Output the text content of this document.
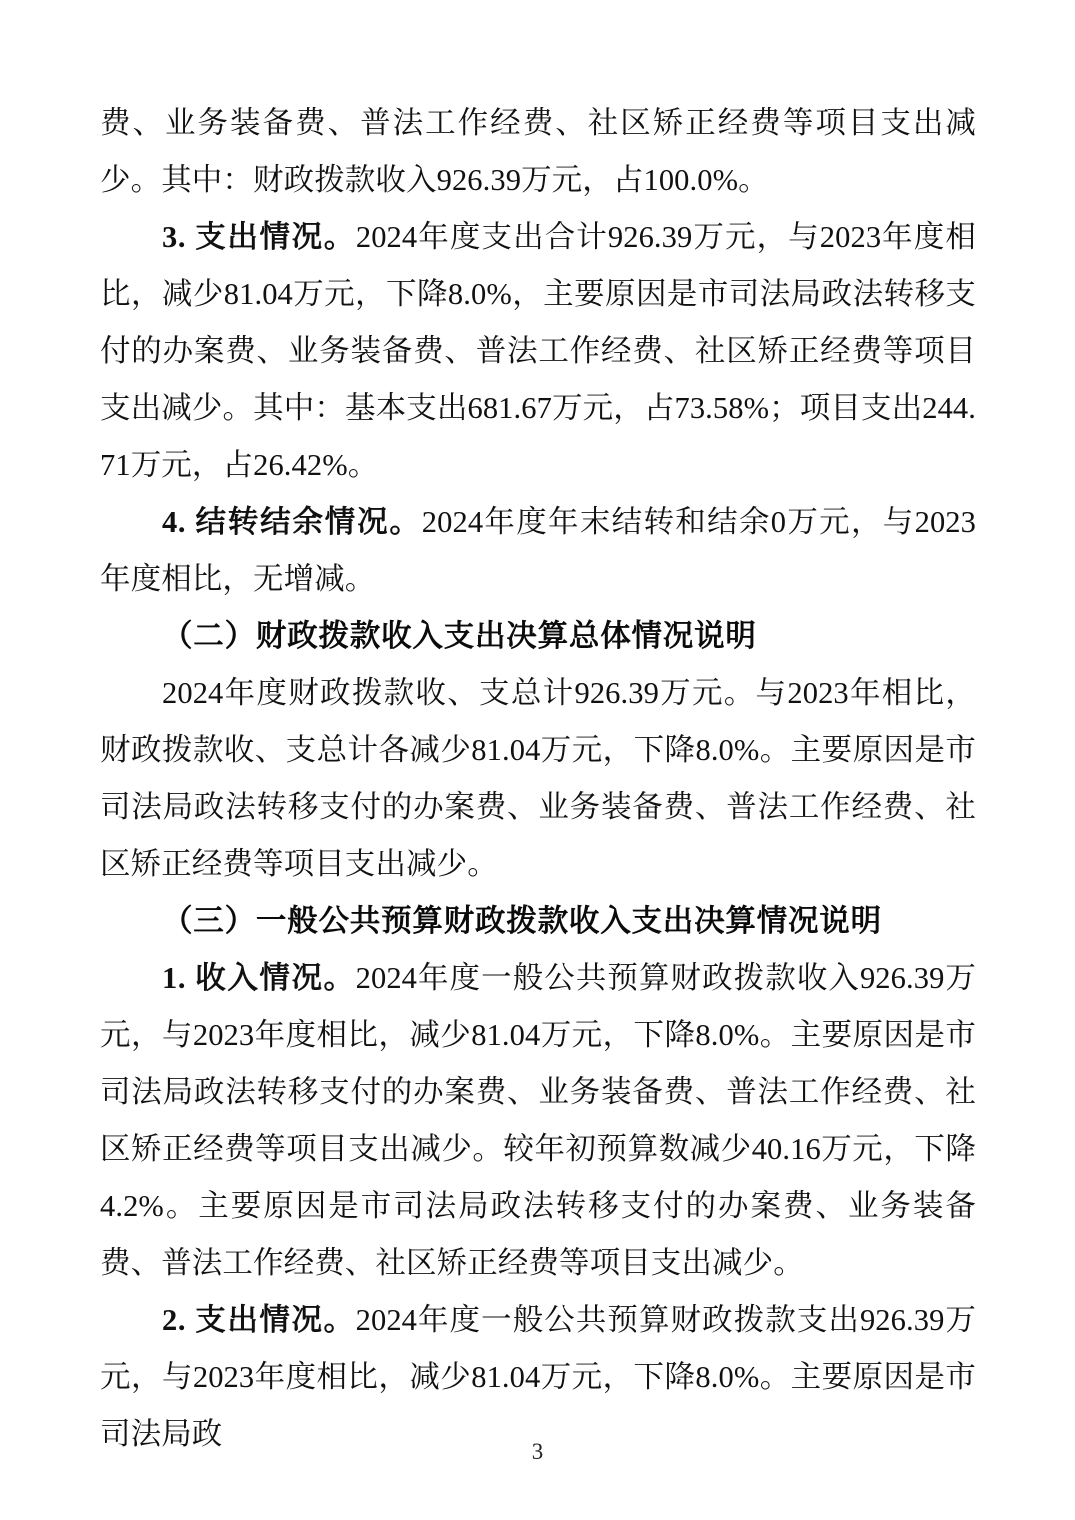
费、业务装备费、普法工作经费、社区矫正经费等项目支出减少。其中：财政拨款收入926.39万元，占100.0%。

3. 支出情况。2024年度支出合计926.39万元，与2023年度相比，减少81.04万元，下降8.0%，主要原因是市司法局政法转移支付的办案费、业务装备费、普法工作经费、社区矫正经费等项目支出减少。其中：基本支出681.67万元，占73.58%；项目支出244.71万元，占26.42%。

4. 结转结余情况。2024年度年末结转和结余0万元，与2023年度相比，无增减。

（二）财政拨款收入支出决算总体情况说明

2024年度财政拨款收、支总计926.39万元。与2023年相比，财政拨款收、支总计各减少81.04万元，下降8.0%。主要原因是市司法局政法转移支付的办案费、业务装备费、普法工作经费、社区矫正经费等项目支出减少。

（三）一般公共预算财政拨款收入支出决算情况说明

1. 收入情况。2024年度一般公共预算财政拨款收入926.39万元，与2023年度相比，减少81.04万元，下降8.0%。主要原因是市司法局政法转移支付的办案费、业务装备费、普法工作经费、社区矫正经费等项目支出减少。较年初预算数减少40.16万元，下降4.2%。主要原因是市司法局政法转移支付的办案费、业务装备费、普法工作经费、社区矫正经费等项目支出减少。

2. 支出情况。2024年度一般公共预算财政拨款支出926.39万元，与2023年度相比，减少81.04万元，下降8.0%。主要原因是市司法局政

3
